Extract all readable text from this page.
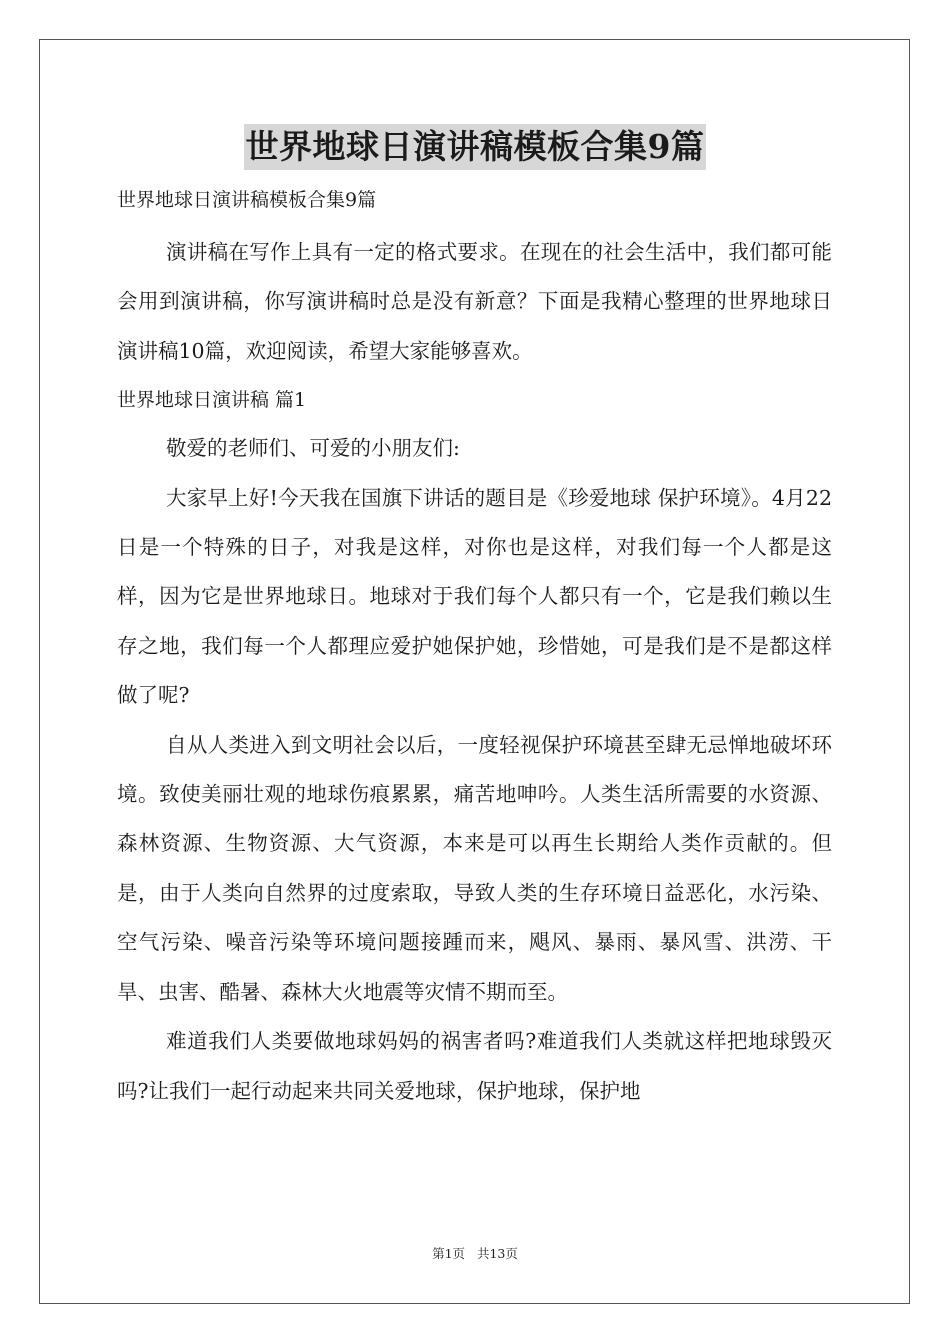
世界地球日演讲稿模板合集9篇

世界地球日演讲稿模板合集9篇

演讲稿在写作上具有一定的格式要求。在现在的社会生活中，我们都可能会用到演讲稿，你写演讲稿时总是没有新意？下面是我精心整理的世界地球日演讲稿10篇，欢迎阅读，希望大家能够喜欢。

世界地球日演讲稿 篇1

敬爱的老师们、可爱的小朋友们:

大家早上好!今天我在国旗下讲话的题目是《珍爱地球 保护环境》。4月22日是一个特殊的日子，对我是这样，对你也是这样，对我们每一个人都是这样，因为它是世界地球日。地球对于我们每个人都只有一个，它是我们赖以生存之地，我们每一个人都理应爱护她保护她，珍惜她，可是我们是不是都这样做了呢?

自从人类进入到文明社会以后，一度轻视保护环境甚至肆无忌惮地破坏环境。致使美丽壮观的地球伤痕累累，痛苦地呻吟。人类生活所需要的水资源、森林资源、生物资源、大气资源，本来是可以再生长期给人类作贡献的。但是，由于人类向自然界的过度索取，导致人类的生存环境日益恶化，水污染、空气污染、噪音污染等环境问题接踵而来，飓风、暴雨、暴风雪、洪涝、干旱、虫害、酷暑、森林大火地震等灾情不期而至。

难道我们人类要做地球妈妈的祸害者吗?难道我们人类就这样把地球毁灭吗?让我们一起行动起来共同关爱地球，保护地球，保护地

第1页 共13页
